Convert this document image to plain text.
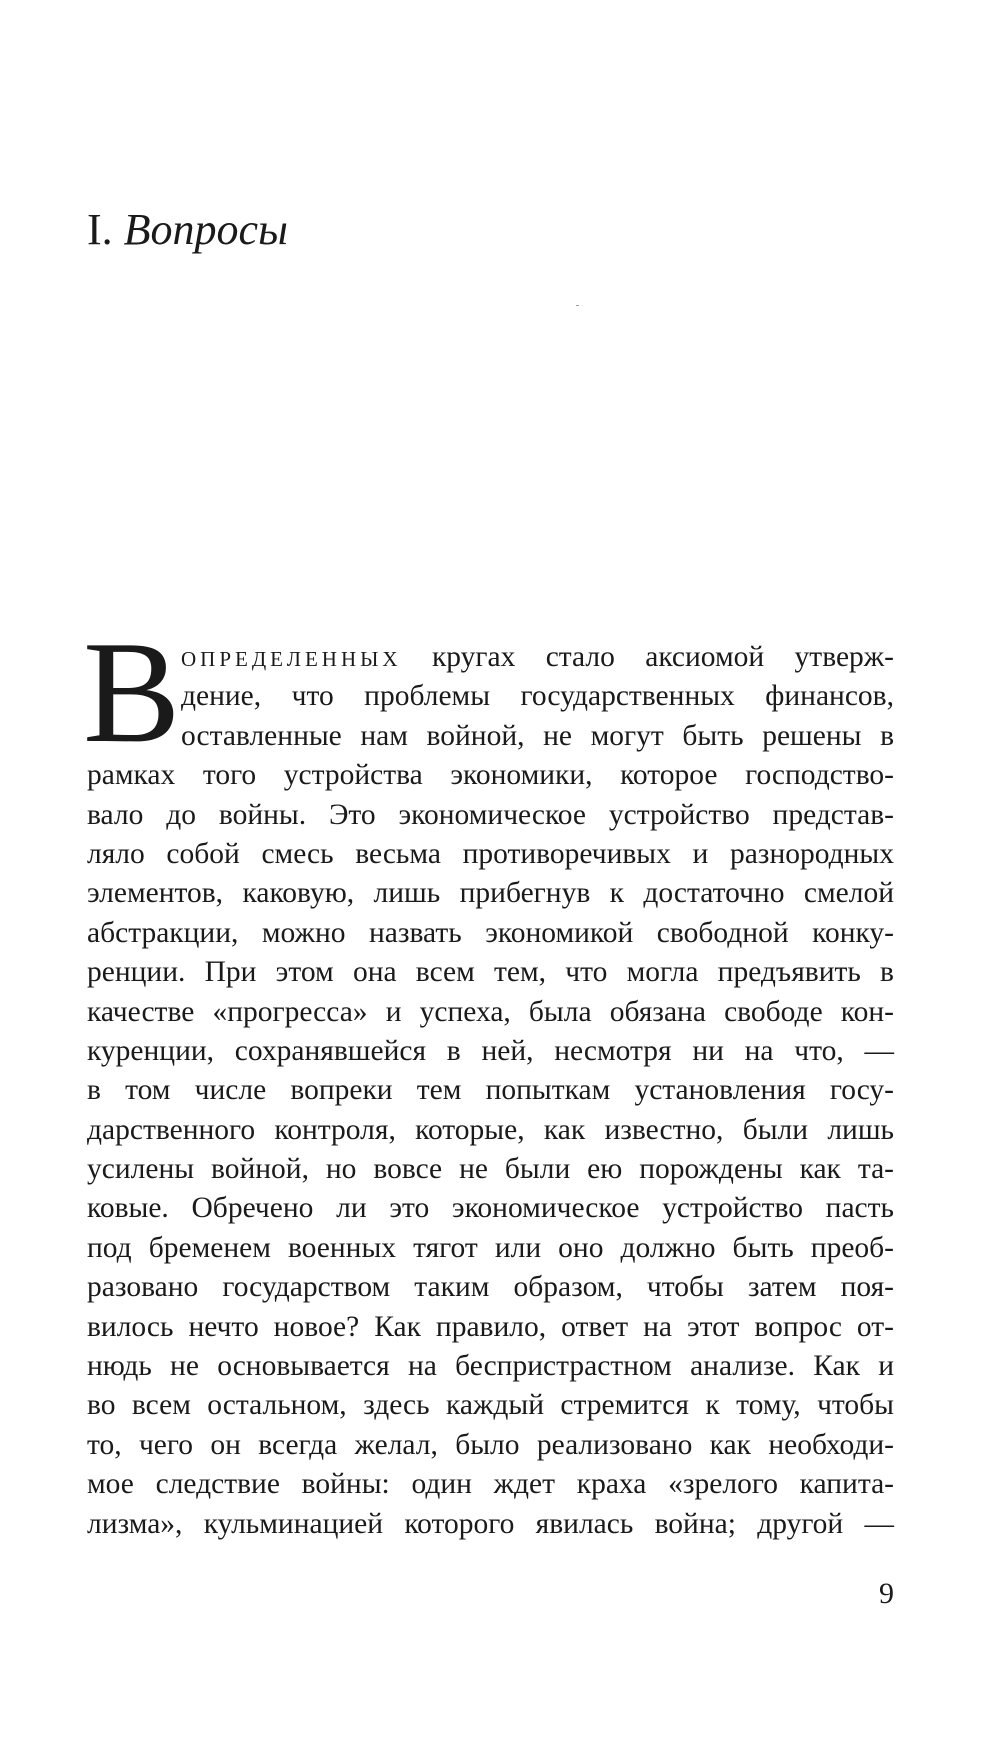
I. Вопросы
В определенных кругах стало аксиомой утверж-
дение, что проблемы государственных финансов,
оставленные нам войной, не могут быть решены в
рамках того устройства экономики, которое господство-
вало до войны. Это экономическое устройство представ-
ляло собой смесь весьма противоречивых и разнородных
элементов, каковую, лишь прибегнув к достаточно смелой
абстракции, можно назвать экономикой свободной конку-
ренции. При этом она всем тем, что могла предъявить в
качестве «прогресса» и успеха, была обязана свободе кон-
куренции, сохранявшейся в ней, несмотря ни на что, —
в том числе вопреки тем попыткам установления госу-
дарственного контроля, которые, как известно, были лишь
усилены войной, но вовсе не были ею порождены как та-
ковые. Обречено ли это экономическое устройство пасть
под бременем военных тягот или оно должно быть преоб-
разовано государством таким образом, чтобы затем поя-
вилось нечто новое? Как правило, ответ на этот вопрос от-
нюдь не основывается на беспристрастном анализе. Как и
во всем остальном, здесь каждый стремится к тому, чтобы
то, чего он всегда желал, было реализовано как необходи-
мое следствие войны: один ждет краха «зрелого капита-
лизма», кульминацией которого явилась война; другой —
9
